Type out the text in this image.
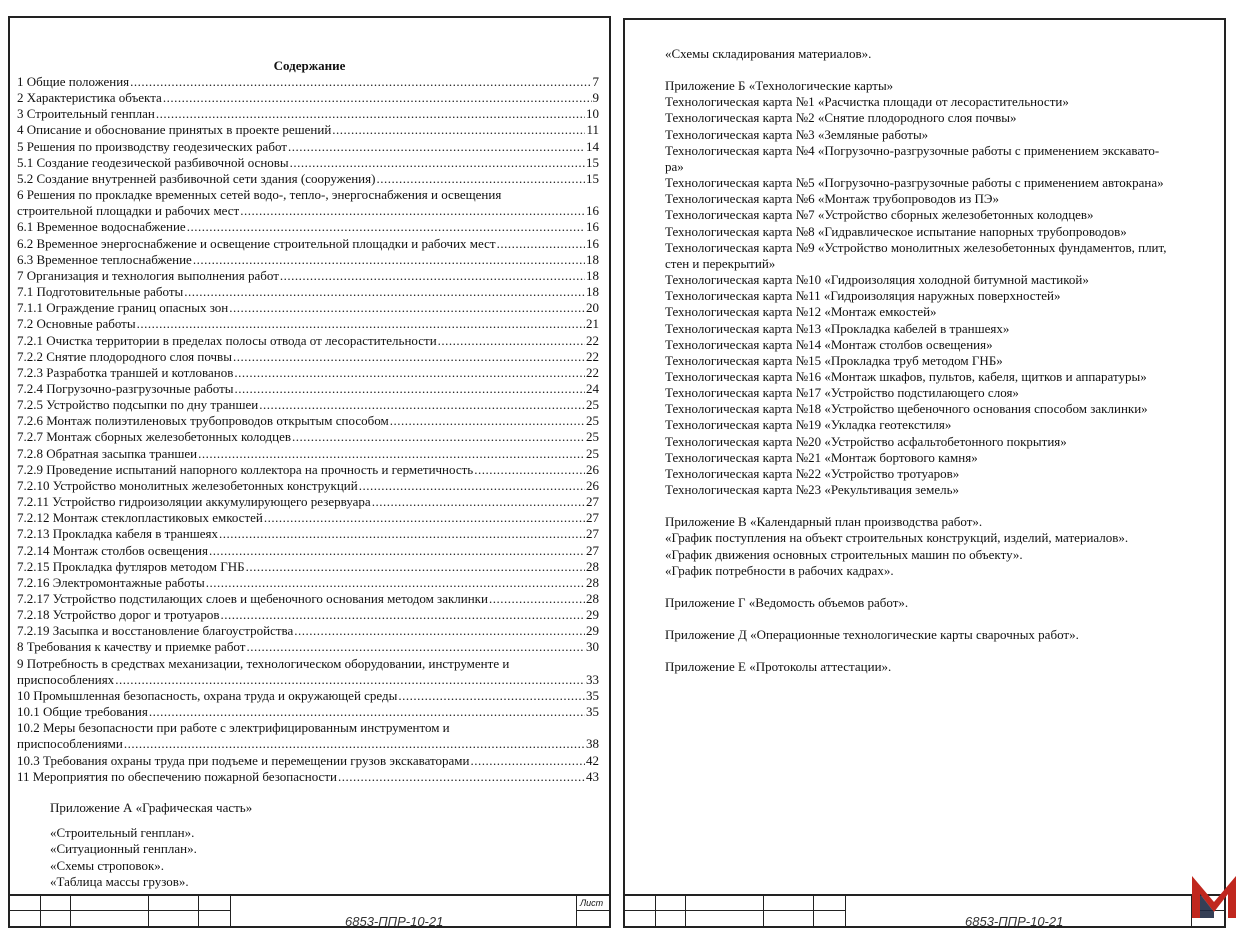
Содержание
1 Общие положения .....	7
2 Характеристика объекта .....	9
3 Строительный генплан .....	10
4 Описание и обоснование принятых в проекте решений .....	11
5 Решения по производству геодезических работ .....	14
5.1 Создание геодезической разбивочной основы .....	15
5.2 Создание внутренней разбивочной сети здания (сооружения) .....	15
6 Решения по прокладке временных сетей водо-, тепло-, энергоснабжения и освещения
строительной площадки и рабочих мест .....	16
6.1 Временное водоснабжение .....	16
6.2 Временное энергоснабжение и освещение строительной площадки и рабочих мест .....	16
6.3 Временное теплоснабжение .....	18
7 Организация и технология выполнения работ .....	18
7.1 Подготовительные работы .....	18
7.1.1 Ограждение границ опасных зон .....	20
7.2 Основные работы .....	21
7.2.1 Очистка территории в пределах полосы отвода от лесорастительности .....	22
7.2.2 Снятие плодородного слоя почвы .....	22
7.2.3 Разработка траншей и котлованов .....	22
7.2.4 Погрузочно-разгрузочные работы .....	24
7.2.5 Устройство подсыпки по дну траншеи .....	25
7.2.6 Монтаж полиэтиленовых трубопроводов открытым способом .....	25
7.2.7 Монтаж сборных железобетонных колодцев .....	25
7.2.8 Обратная засыпка траншеи .....	25
7.2.9 Проведение испытаний напорного коллектора на прочность и герметичность .....	26
7.2.10 Устройство монолитных железобетонных конструкций .....	26
7.2.11 Устройство гидроизоляции аккумулирующего резервуара .....	27
7.2.12 Монтаж стеклопластиковых емкостей .....	27
7.2.13 Прокладка кабеля в траншеях .....	27
7.2.14 Монтаж столбов освещения .....	27
7.2.15 Прокладка футляров методом ГНБ .....	28
7.2.16 Электромонтажные работы .....	28
7.2.17 Устройство подстилающих слоев и щебеночного основания методом заклинки .....	28
7.2.18 Устройство дорог и тротуаров .....	29
7.2.19 Засыпка и восстановление благоустройства .....	29
8 Требования к качеству и приемке работ .....	30
9 Потребность в средствах механизации, технологическом оборудовании, инструменте и
приспособлениях .....	33
10 Промышленная безопасность, охрана труда и окружающей среды .....	35
10.1 Общие требования .....	35
10.2 Меры безопасности при работе с электрифицированным инструментом и
приспособлениями .....	38
10.3 Требования охраны труда при подъеме и перемещении грузов экскаваторами .....	42
11 Мероприятия по обеспечению пожарной безопасности .....	43
Приложение А «Графическая часть»
«Строительный генплан».
«Ситуационный генплан».
«Схемы строповок».
«Таблица массы грузов».
Лист
6853-ППР-10-21
«Схемы складирования материалов».
Приложение Б «Технологические карты»
Технологическая карта №1 «Расчистка площади от лесорастительности»
Технологическая карта №2 «Снятие плодородного слоя почвы»
Технологическая карта №3 «Земляные работы»
Технологическая карта №4 «Погрузочно-разгрузочные работы с применением экскавато-
ра»
Технологическая карта №5 «Погрузочно-разгрузочные работы с применением автокрана»
Технологическая карта №6 «Монтаж трубопроводов из ПЭ»
Технологическая карта №7 «Устройство сборных железобетонных колодцев»
Технологическая карта №8 «Гидравлическое испытание напорных трубопроводов»
Технологическая карта №9 «Устройство монолитных железобетонных фундаментов, плит,
стен и перекрытий»
Технологическая карта №10 «Гидроизоляция холодной битумной мастикой»
Технологическая карта №11 «Гидроизоляция наружных поверхностей»
Технологическая карта №12 «Монтаж емкостей»
Технологическая карта №13 «Прокладка кабелей в траншеях»
Технологическая карта №14 «Монтаж столбов освещения»
Технологическая карта №15 «Прокладка труб методом ГНБ»
Технологическая карта №16 «Монтаж шкафов, пультов, кабеля, щитков и аппаратуры»
Технологическая карта №17 «Устройство подстилающего слоя»
Технологическая карта №18 «Устройство щебеночного основания способом заклинки»
Технологическая карта №19 «Укладка геотекстиля»
Технологическая карта №20 «Устройство асфальтобетонного покрытия»
Технологическая карта №21 «Монтаж бортового камня»
Технологическая карта №22 «Устройство тротуаров»
Технологическая карта №23 «Рекультивация земель»
Приложение В «Календарный план производства работ».
«График поступления на объект строительных конструкций, изделий, материалов».
«График движения основных строительных машин по объекту».
«График потребности в рабочих кадрах».
Приложение Г «Ведомость объемов работ».
Приложение Д «Операционные технологические карты сварочных работ».
Приложение Е «Протоколы аттестации».
6853-ППР-10-21
